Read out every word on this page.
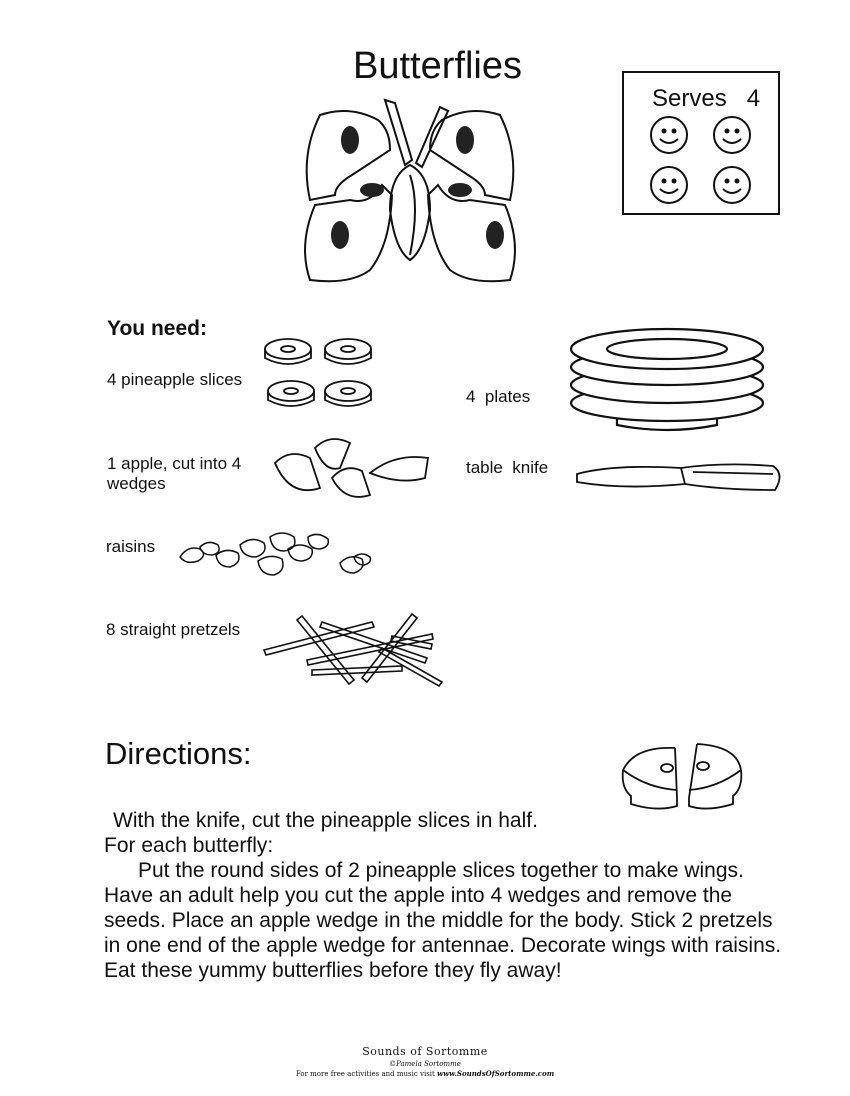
Butterflies
Serves   4
You need:
4 pineapple slices
1 apple, cut into 4 wedges
raisins
8 straight pretzels
4  plates
table  knife
Directions:

With the knife, cut the pineapple slices in half.

For each butterfly:

Put the round sides of 2 pineapple slices together to make wings. Have an adult help you cut the apple into 4 wedges and remove the seeds. Place an apple wedge in the middle for the body. Stick 2 pretzels in one end of the apple wedge for antennae. Decorate wings with raisins. Eat these yummy butterflies before they fly away!

Sounds of Sortomme
©Pamela Sortomme
For more free activities and music visit www.SoundsOfSortomme.com
